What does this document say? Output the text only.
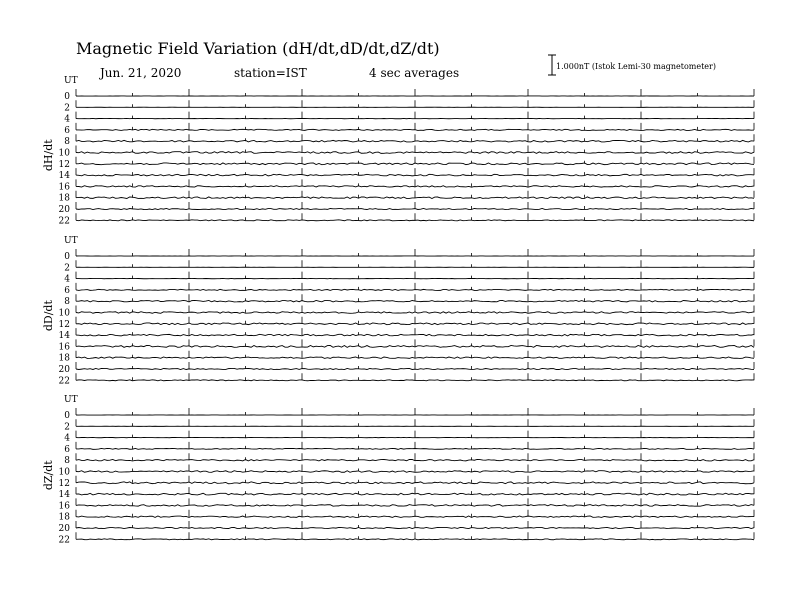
Magnetic Field Variation (dH/dt,dD/dt,dZ/dt)
Jun. 21, 2020	station=IST	4 sec averages	1.000nT (Istok Lemi-30 magnetometer)
UT
dH/dt
0
2
4
6
8
10
12
14
16
18
20
22
UT
dD/dt
0
2
4
6
8
10
12
14
16
18
20
22
UT
dZ/dt
0
2
4
6
8
10
12
14
16
18
20
22
